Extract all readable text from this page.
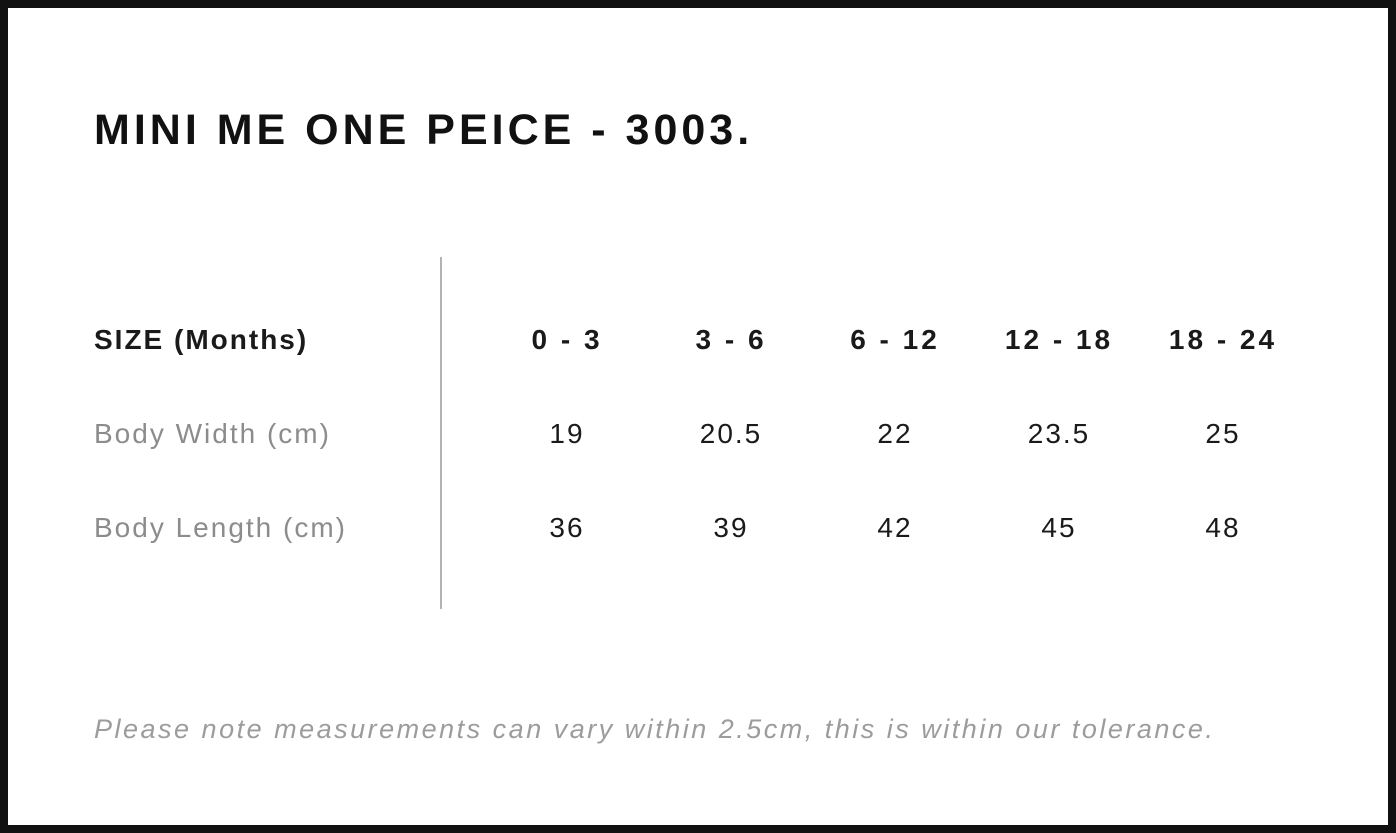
MINI ME ONE PEICE - 3003.
SIZE (Months)	0 - 3	3 - 6	6 - 12	12 - 18	18 - 24
Body Width (cm)	19	20.5	22	23.5	25
Body Length (cm)	36	39	42	45	48

Please note measurements can vary within 2.5cm, this is within our tolerance.
